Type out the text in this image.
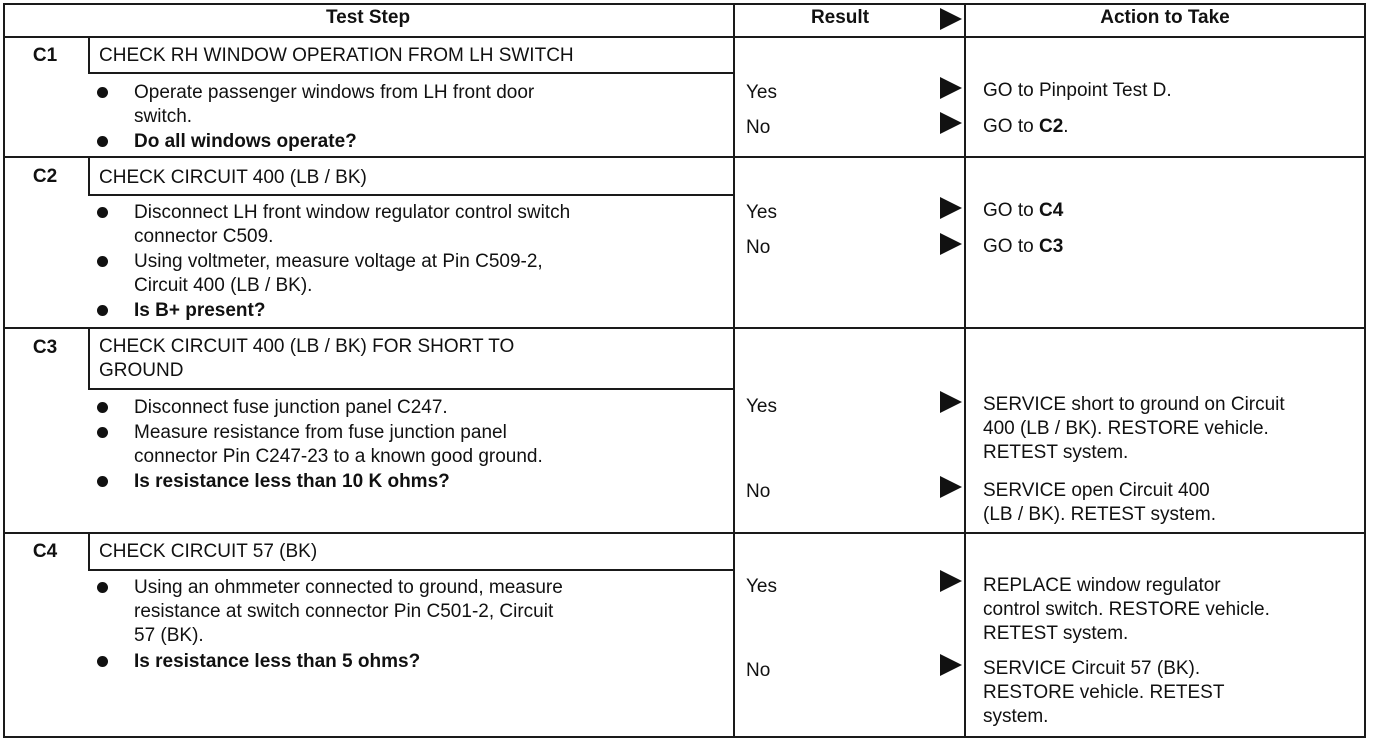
Test Step	Result	Action to Take
C1	CHECK RH WINDOW OPERATION FROM LH SWITCH
Operate passenger windows from LH front door
switch.
Do all windows operate?
Yes	GO to Pinpoint Test D.
No	GO to C2.
C2	CHECK CIRCUIT 400 (LB / BK)
Disconnect LH front window regulator control switch
connector C509.
Using voltmeter, measure voltage at Pin C509-2,
Circuit 400 (LB / BK).
Is B+ present?
Yes	GO to C4
No	GO to C3
C3	CHECK CIRCUIT 400 (LB / BK) FOR SHORT TO
GROUND
Disconnect fuse junction panel C247.
Measure resistance from fuse junction panel
connector Pin C247-23 to a known good ground.
Is resistance less than 10 K ohms?
Yes	SERVICE short to ground on Circuit
400 (LB / BK). RESTORE vehicle.
RETEST system.
No	SERVICE open Circuit 400
(LB / BK). RETEST system.
C4	CHECK CIRCUIT 57 (BK)
Using an ohmmeter connected to ground, measure
resistance at switch connector Pin C501-2, Circuit
57 (BK).
Is resistance less than 5 ohms?
Yes	REPLACE window regulator
control switch. RESTORE vehicle.
RETEST system.
No	SERVICE Circuit 57 (BK).
RESTORE vehicle. RETEST
system.
